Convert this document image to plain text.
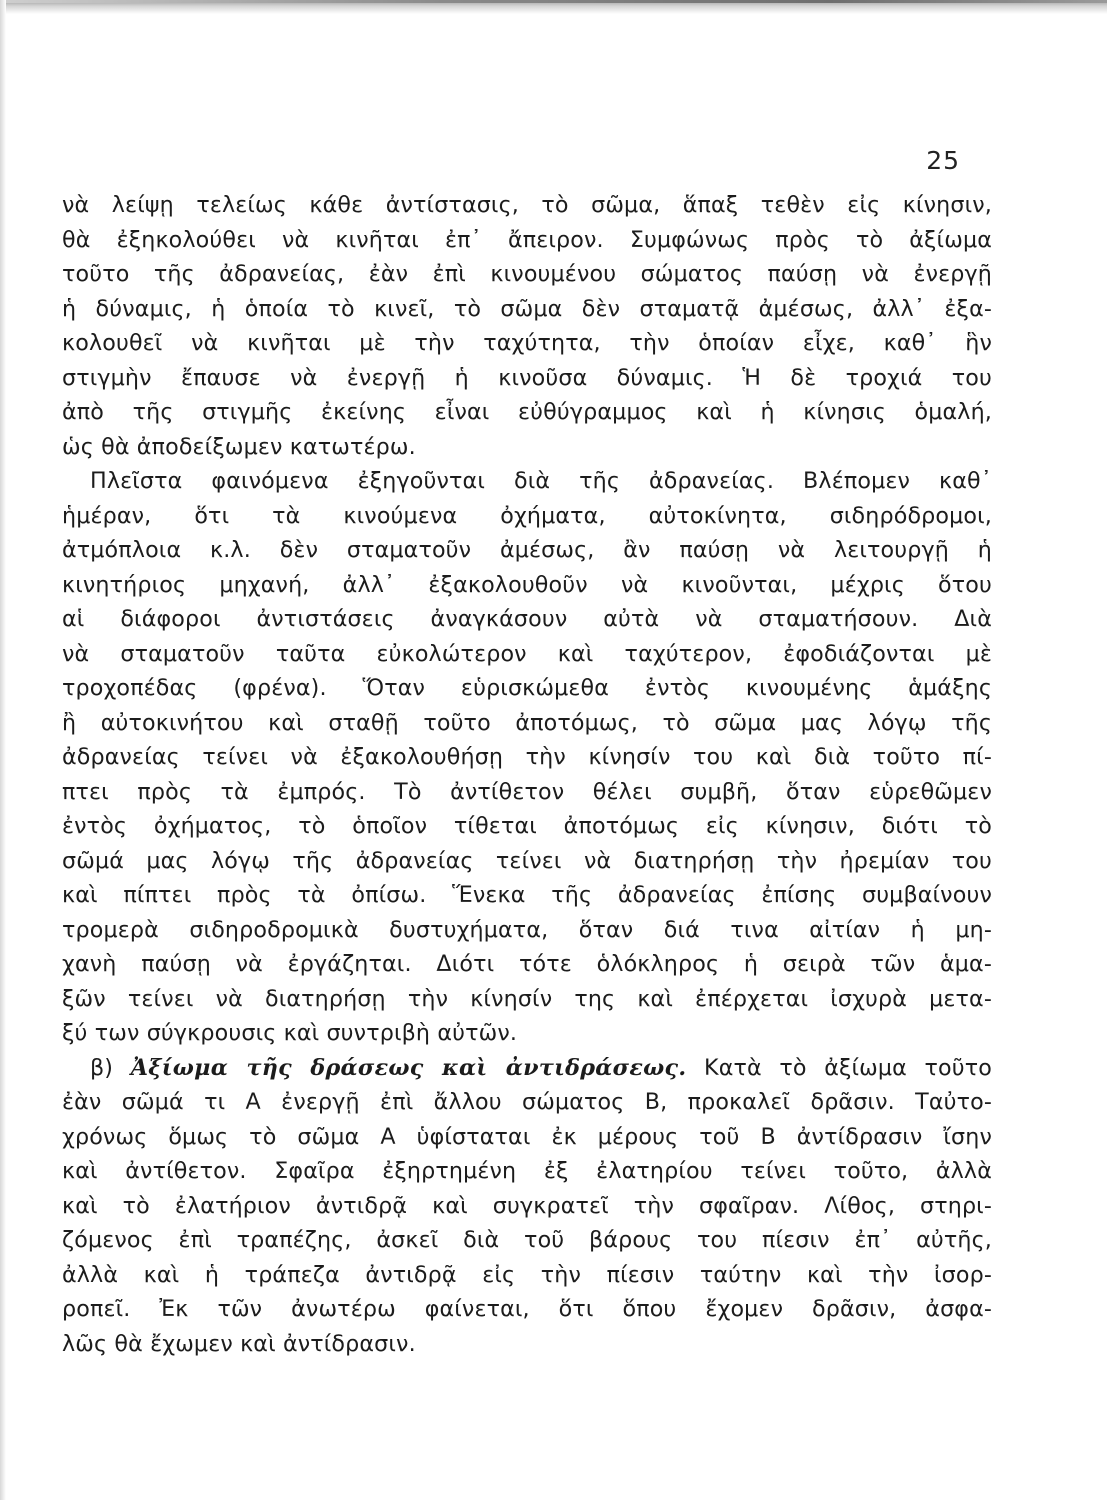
25
νὰ λείψῃ τελείως κάθε ἀντίστασις, τὸ σῶμα, ἅπαξ τεθὲν εἰς κίνησιν,
θὰ ἐξηκολούθει νὰ κινῆται ἐπ᾽ ἄπειρον. Συμφώνως πρὸς τὸ ἀξίωμα
τοῦτο τῆς ἀδρανείας, ἐὰν ἐπὶ κινουμένου σώματος παύσῃ νὰ ἐνεργῇ
ἡ δύναμις, ἡ ὁποία τὸ κινεῖ, τὸ σῶμα δὲν σταματᾷ ἀμέσως, ἀλλ᾽ ἐξα-
κολουθεῖ νὰ κινῆται μὲ τὴν ταχύτητα, τὴν ὁποίαν εἶχε, καθ᾽ ἣν
στιγμὴν ἔπαυσε νὰ ἐνεργῇ ἡ κινοῦσα δύναμις. Ἡ δὲ τροχιά του
ἀπὸ τῆς στιγμῆς ἐκείνης εἶναι εὐθύγραμμος καὶ ἡ κίνησις ὁμαλή,
ὡς θὰ ἀποδείξωμεν κατωτέρω.
Πλεῖστα φαινόμενα ἐξηγοῦνται διὰ τῆς ἀδρανείας. Βλέπομεν καθ᾽
ἡμέραν, ὅτι τὰ κινούμενα ὀχήματα, αὐτοκίνητα, σιδηρόδρομοι,
ἀτμόπλοια κ.λ. δὲν σταματοῦν ἀμέσως, ἂν παύσῃ νὰ λειτουργῇ ἡ
κινητήριος μηχανή, ἀλλ᾽ ἐξακολουθοῦν νὰ κινοῦνται, μέχρις ὅτου
αἱ διάφοροι ἀντιστάσεις ἀναγκάσουν αὐτὰ νὰ σταματήσουν. Διὰ
νὰ σταματοῦν ταῦτα εὐκολώτερον καὶ ταχύτερον, ἐφοδιάζονται μὲ
τροχοπέδας (φρένα). Ὅταν εὑρισκώμεθα ἐντὸς κινουμένης ἁμάξης
ἢ αὐτοκινήτου καὶ σταθῇ τοῦτο ἀποτόμως, τὸ σῶμα μας λόγῳ τῆς
ἀδρανείας τείνει νὰ ἐξακολουθήσῃ τὴν κίνησίν του καὶ διὰ τοῦτο πί-
πτει πρὸς τὰ ἐμπρός. Τὸ ἀντίθετον θέλει συμβῆ, ὅταν εὑρεθῶμεν
ἐντὸς ὀχήματος, τὸ ὁποῖον τίθεται ἀποτόμως εἰς κίνησιν, διότι τὸ
σῶμά μας λόγῳ τῆς ἀδρανείας τείνει νὰ διατηρήσῃ τὴν ἠρεμίαν του
καὶ πίπτει πρὸς τὰ ὀπίσω. Ἕνεκα τῆς ἀδρανείας ἐπίσης συμβαίνουν
τρομερὰ σιδηροδρομικὰ δυστυχήματα, ὅταν διά τινα αἰτίαν ἡ μη-
χανὴ παύσῃ νὰ ἐργάζηται. Διότι τότε ὁλόκληρος ἡ σειρὰ τῶν ἁμα-
ξῶν τείνει νὰ διατηρήσῃ τὴν κίνησίν της καὶ ἐπέρχεται ἰσχυρὰ μετα-
ξύ των σύγκρουσις καὶ συντριβὴ αὐτῶν.
β) Ἀξίωμα τῆς δράσεως καὶ ἀντιδράσεως. Κατὰ τὸ ἀξίωμα τοῦτο
ἐὰν σῶμά τι Α ἐνεργῇ ἐπὶ ἄλλου σώματος Β, προκαλεῖ δρᾶσιν. Ταὐτο-
χρόνως ὅμως τὸ σῶμα Α ὑφίσταται ἐκ μέρους τοῦ Β ἀντίδρασιν ἴσην
καὶ ἀντίθετον. Σφαῖρα ἐξηρτημένη ἐξ ἐλατηρίου τείνει τοῦτο, ἀλλὰ
καὶ τὸ ἐλατήριον ἀντιδρᾷ καὶ συγκρατεῖ τὴν σφαῖραν. Λίθος, στηρι-
ζόμενος ἐπὶ τραπέζης, ἀσκεῖ διὰ τοῦ βάρους του πίεσιν ἐπ᾽ αὐτῆς,
ἀλλὰ καὶ ἡ τράπεζα ἀντιδρᾷ εἰς τὴν πίεσιν ταύτην καὶ τὴν ἰσορ-
ροπεῖ. Ἐκ τῶν ἀνωτέρω φαίνεται, ὅτι ὅπου ἔχομεν δρᾶσιν, ἀσφα-
λῶς θὰ ἔχωμεν καὶ ἀντίδρασιν.
